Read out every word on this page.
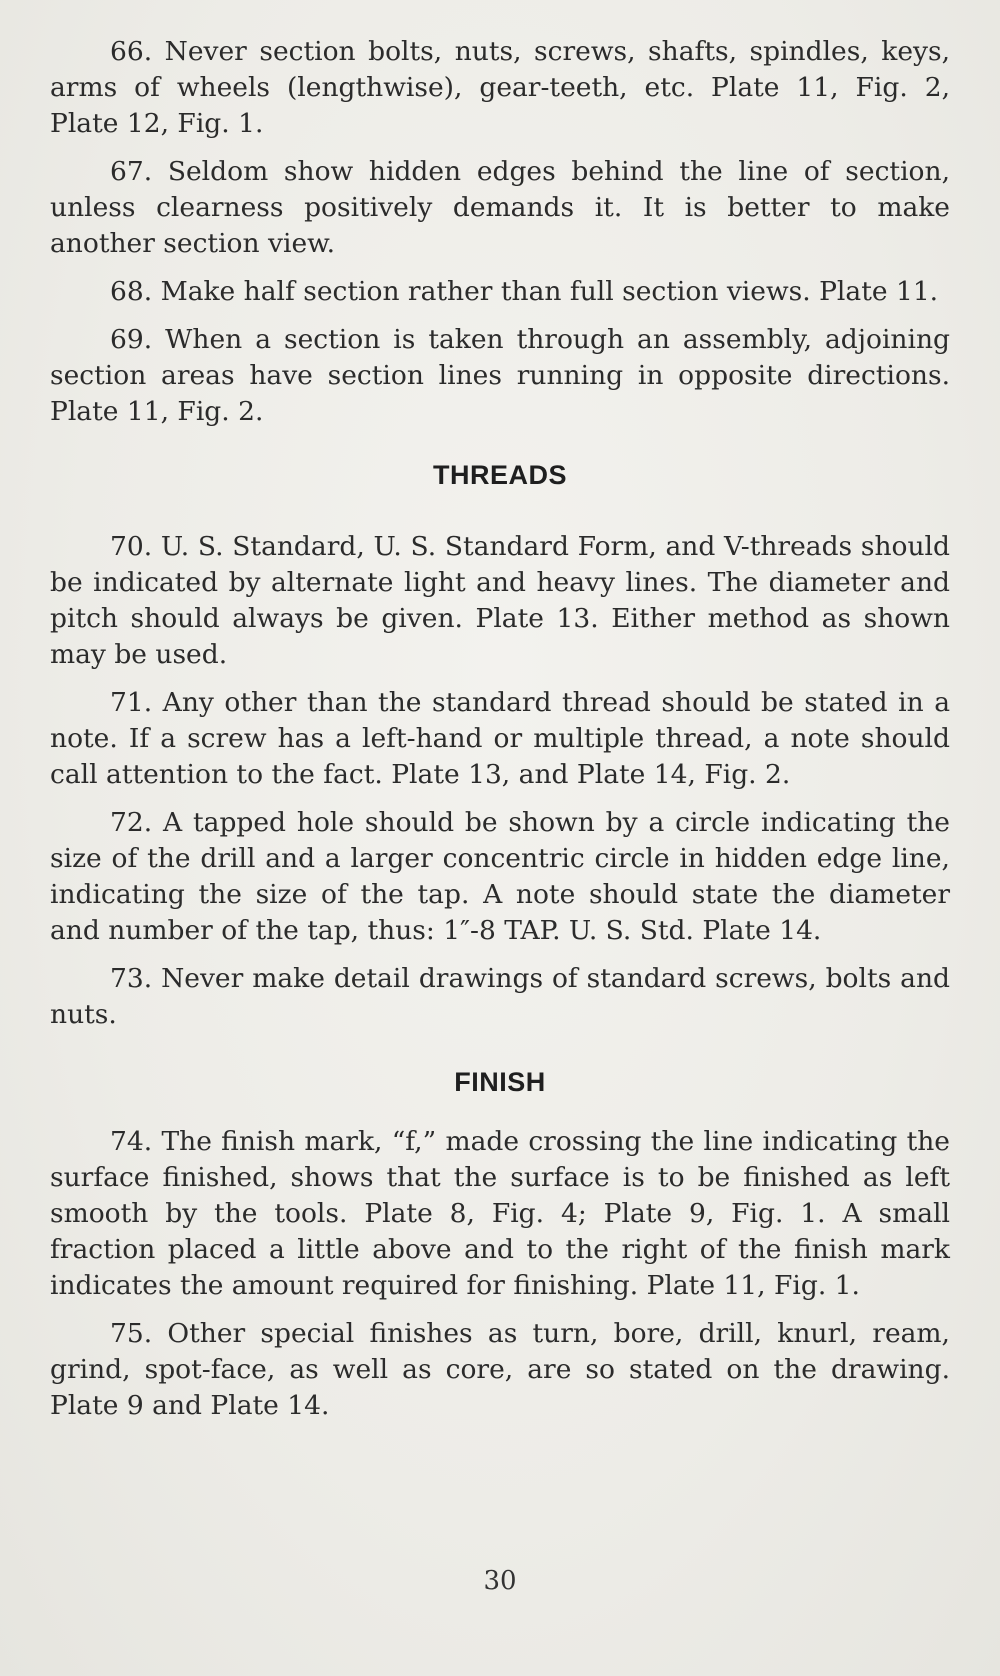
66. Never section bolts, nuts, screws, shafts, spindles, keys, arms of wheels (lengthwise), gear-teeth, etc. Plate 11, Fig. 2, Plate 12, Fig. 1.

67. Seldom show hidden edges behind the line of section, unless clearness positively demands it. It is better to make another section view.

68. Make half section rather than full section views. Plate 11.

69. When a section is taken through an assembly, adjoining section areas have section lines running in opposite directions. Plate 11, Fig. 2.

THREADS

70. U. S. Standard, U. S. Standard Form, and V-threads should be indicated by alternate light and heavy lines. The diameter and pitch should always be given. Plate 13. Either method as shown may be used.

71. Any other than the standard thread should be stated in a note. If a screw has a left-hand or multiple thread, a note should call attention to the fact. Plate 13, and Plate 14, Fig. 2.

72. A tapped hole should be shown by a circle indicating the size of the drill and a larger concentric circle in hidden edge line, indicating the size of the tap. A note should state the diameter and number of the tap, thus: 1″-8 TAP. U. S. Std. Plate 14.

73. Never make detail drawings of standard screws, bolts and nuts.

FINISH

74. The finish mark, “f,” made crossing the line indicating the surface finished, shows that the surface is to be finished as left smooth by the tools. Plate 8, Fig. 4; Plate 9, Fig. 1. A small fraction placed a little above and to the right of the finish mark indicates the amount required for finishing. Plate 11, Fig. 1.

75. Other special finishes as turn, bore, drill, knurl, ream, grind, spot-face, as well as core, are so stated on the drawing. Plate 9 and Plate 14.

30
